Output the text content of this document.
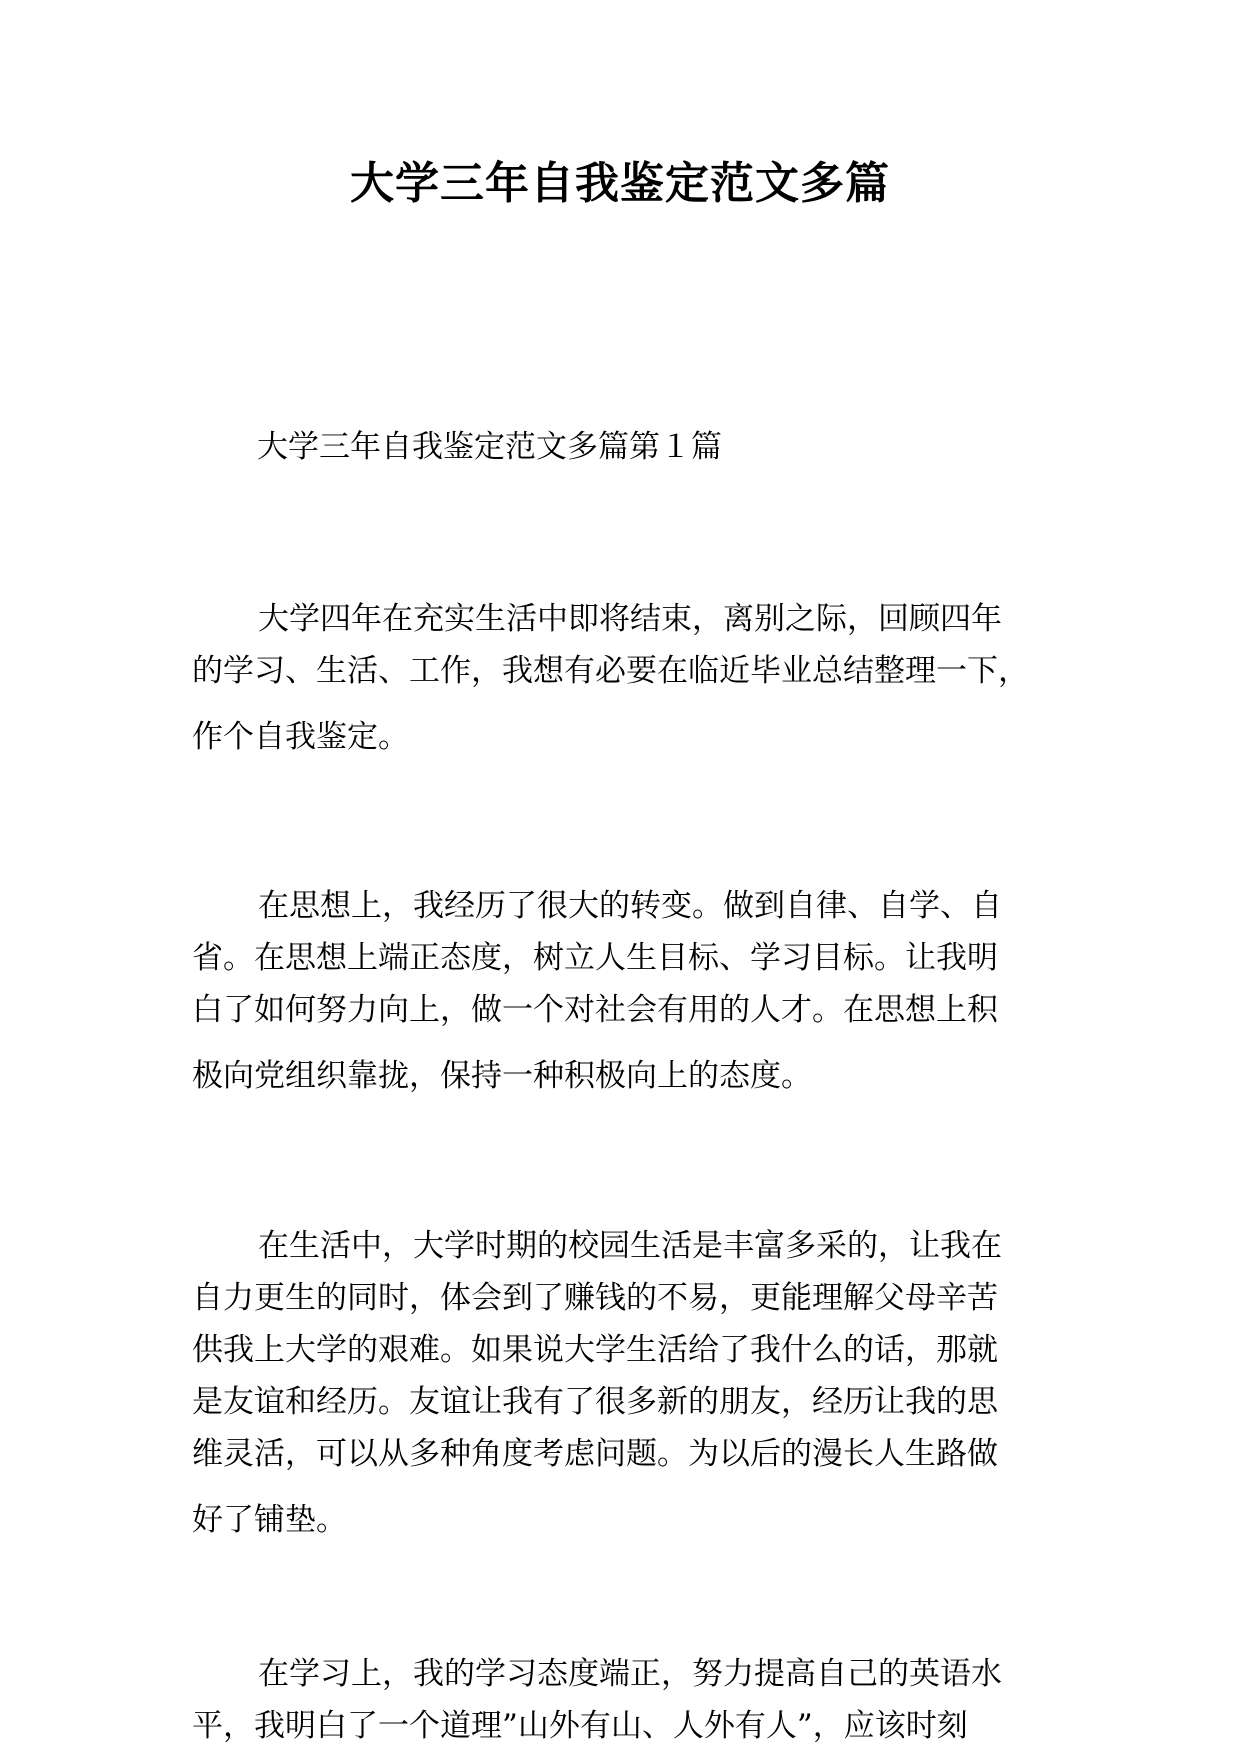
大学三年自我鉴定范文多篇
大学三年自我鉴定范文多篇第１篇
大学四年在充实生活中即将结束，离别之际，回顾四年
的学习、生活、工作，我想有必要在临近毕业总结整理一下，
作个自我鉴定。
在思想上，我经历了很大的转变。做到自律、自学、自
省。在思想上端正态度，树立人生目标、学习目标。让我明
白了如何努力向上，做一个对社会有用的人才。在思想上积
极向党组织靠拢，保持一种积极向上的态度。
在生活中，大学时期的校园生活是丰富多采的，让我在
自力更生的同时，体会到了赚钱的不易，更能理解父母辛苦
供我上大学的艰难。如果说大学生活给了我什么的话，那就
是友谊和经历。友谊让我有了很多新的朋友，经历让我的思
维灵活，可以从多种角度考虑问题。为以后的漫长人生路做
好了铺垫。
在学习上，我的学习态度端正，努力提高自己的英语水
平，我明白了一个道理”山外有山、人外有人”，应该时刻
